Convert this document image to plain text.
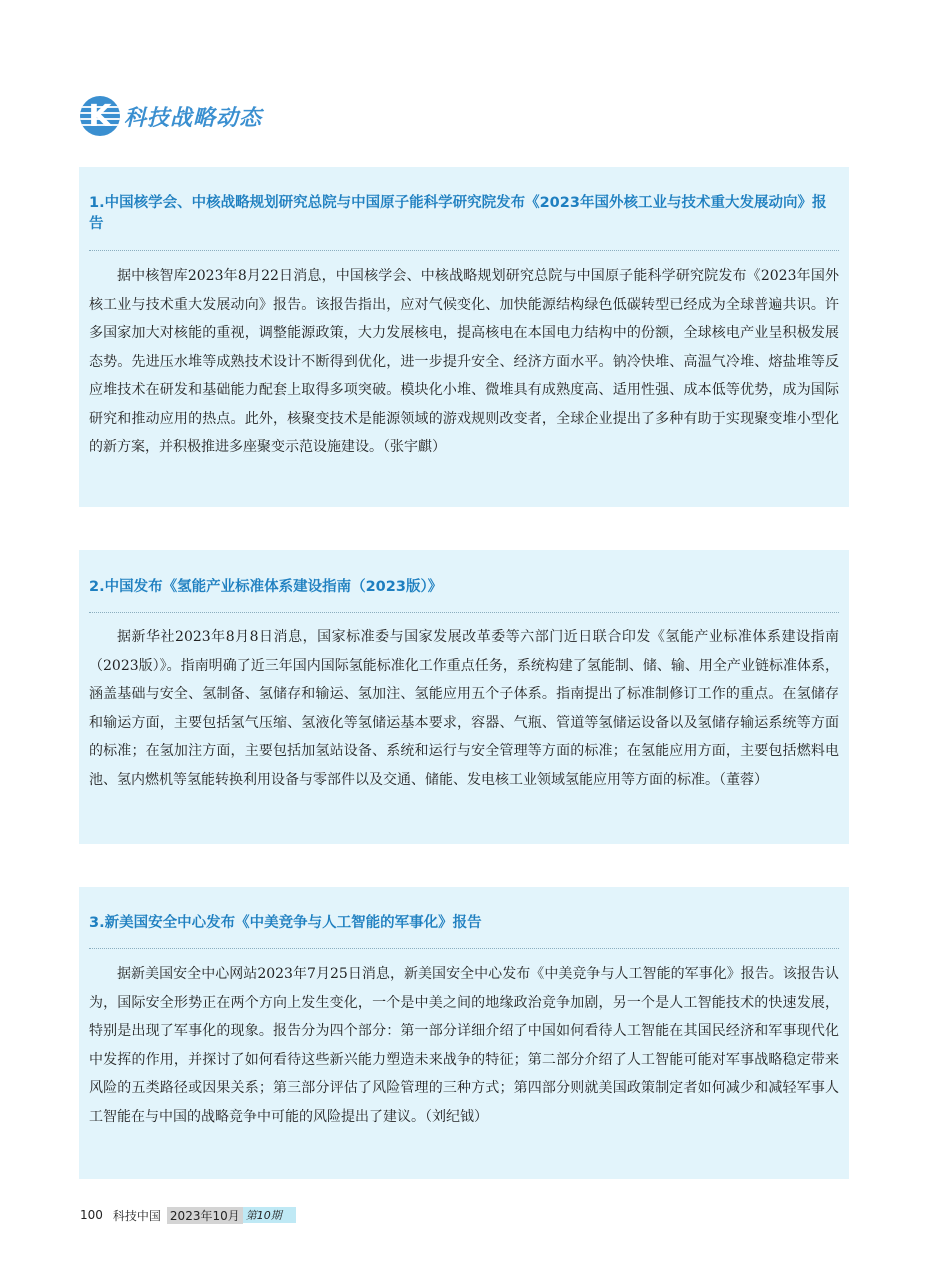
K 科技战略动态
1.中国核学会、中核战略规划研究总院与中国原子能科学研究院发布《2023年国外核工业与技术重大发展动向》报告

据中核智库2023年8月22日消息，中国核学会、中核战略规划研究总院与中国原子能科学研究院发布《2023年国外核工业与技术重大发展动向》报告。该报告指出，应对气候变化、加快能源结构绿色低碳转型已经成为全球普遍共识。许多国家加大对核能的重视，调整能源政策，大力发展核电，提高核电在本国电力结构中的份额，全球核电产业呈积极发展态势。先进压水堆等成熟技术设计不断得到优化，进一步提升安全、经济方面水平。钠冷快堆、高温气冷堆、熔盐堆等反应堆技术在研发和基础能力配套上取得多项突破。模块化小堆、微堆具有成熟度高、适用性强、成本低等优势，成为国际研究和推动应用的热点。此外，核聚变技术是能源领域的游戏规则改变者，全球企业提出了多种有助于实现聚变堆小型化的新方案，并积极推进多座聚变示范设施建设。（张宇麒）

2.中国发布《氢能产业标准体系建设指南（2023版）》

据新华社2023年8月8日消息，国家标准委与国家发展改革委等六部门近日联合印发《氢能产业标准体系建设指南（2023版）》。指南明确了近三年国内国际氢能标准化工作重点任务，系统构建了氢能制、储、输、用全产业链标准体系，涵盖基础与安全、氢制备、氢储存和输运、氢加注、氢能应用五个子体系。指南提出了标准制修订工作的重点。在氢储存和输运方面，主要包括氢气压缩、氢液化等氢储运基本要求，容器、气瓶、管道等氢储运设备以及氢储存输运系统等方面的标准；在氢加注方面，主要包括加氢站设备、系统和运行与安全管理等方面的标准；在氢能应用方面，主要包括燃料电池、氢内燃机等氢能转换利用设备与零部件以及交通、储能、发电核工业领域氢能应用等方面的标准。（董蓉）

3.新美国安全中心发布《中美竞争与人工智能的军事化》报告

据新美国安全中心网站2023年7月25日消息，新美国安全中心发布《中美竞争与人工智能的军事化》报告。该报告认为，国际安全形势正在两个方向上发生变化，一个是中美之间的地缘政治竞争加剧，另一个是人工智能技术的快速发展，特别是出现了军事化的现象。报告分为四个部分：第一部分详细介绍了中国如何看待人工智能在其国民经济和军事现代化中发挥的作用，并探讨了如何看待这些新兴能力塑造未来战争的特征；第二部分介绍了人工智能可能对军事战略稳定带来风险的五类路径或因果关系；第三部分评估了风险管理的三种方式；第四部分则就美国政策制定者如何减少和减轻军事人工智能在与中国的战略竞争中可能的风险提出了建议。（刘纪钺）

100 科技中国 2023年10月 第10期
